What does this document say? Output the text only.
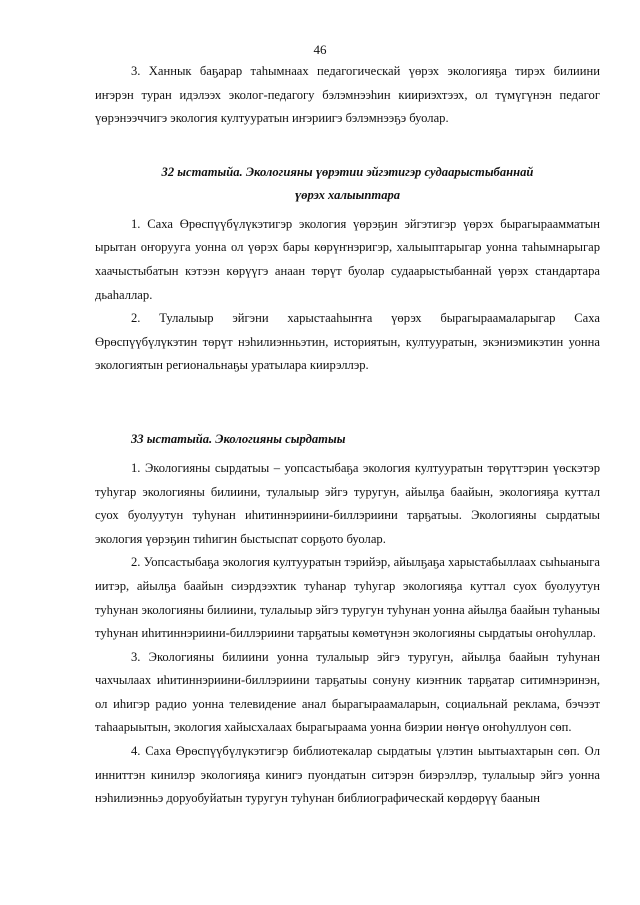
46

3. Ханнык баҕарар таһымнаах педагогическай үөрэх экологияҕа тирэх билиини иҥэрэн туран идэлээх эколог-педагогу бэлэмнээһин киириэхтээх, ол түмүгүнэн педагог үөрэнээччигэ экология култууратын иҥэриигэ бэлэмнээҕэ буолар.

32 ыстатыйа. Экологияны үөрэтии эйгэтигэр судаарыстыбаннай

үөрэх халыыптара

1. Саха Өрөспүүбүлүкэтигэр экология үөрэҕин эйгэтигэр үөрэх бырагыраамматын ырытан оҥорууга уонна ол үөрэх бары көрүҥнэригэр, халыыптарыгар уонна таһымнарыгар хаачыстыбатын кэтээн көрүүгэ анаан төрүт буолар судаарыстыбаннай үөрэх стандартара дьаһаллар.

2. Тулалыыр эйгэни харыстааһыҥҥа үөрэх бырагыраамаларыгар Саха Өрөспүүбүлүкэтин төрүт нэһилиэнньэтин, историятын, култууратын, экэниэмикэтин уонна экологиятын региональнаҕы уратыларa киирэллэр.

33 ыстатыйа. Экологияны сырдатыы

1. Экологияны сырдатыы – уопсастыбаҕа экология култууратын төрүттэрин үөскэтэр туһугар экологияны билиини, тулалыыр эйгэ туругун, айылҕа баайын, экологияҕа куттал суох буолуутун туһунан иһитиннэриини-биллэриини тарҕатыы. Экологияны сырдатыы экология үөрэҕин тиһигин быстыспат сорҕото буолар.

2. Уопсастыбаҕа экология култууратын тэрийэр, айылҕаҕа харыстабыллаах сыһыаныгa иитэр, айылҕа баайын сиэрдээхтик туһанар туһугар экологияҕа куттал суох буолуутун туһунан экологияны билиини, тулалыыр эйгэ туругун туһунан уонна айылҕа баайын туһаныы туһунан иһитиннэриини-биллэриини тарҕатыы көмөтүнэн экологияны сырдатыы оҥоһуллар.

3. Экологияны билиини уонна тулалыыр эйгэ туругун, айылҕа баайын туһунан чахчылаах иһитиннэриини-биллэриини тарҕатыы сонуну киэҥник тарҕатар ситимнэринэн, ол иһигэр радио уонна телевидение анал бырагыраамаларын, социальнай реклама, бэчээт таһаарыытын, экология хайысхалаах бырагыраама уонна биэрии нөҥүө оҥоһуллуон сөп.

4. Саха Өрөспүүбүлүкэтигэр библиотекалар сырдатыы үлэтин ыытыахтарын сөп. Ол инниттэн кинилэр экологияҕа кинигэ пуондатын ситэрэн биэрэллэр, тулалыыр эйгэ уонна нэһилиэнньэ доруобуйатын туругун туһунан библиографическай көрдөрүү баанын
